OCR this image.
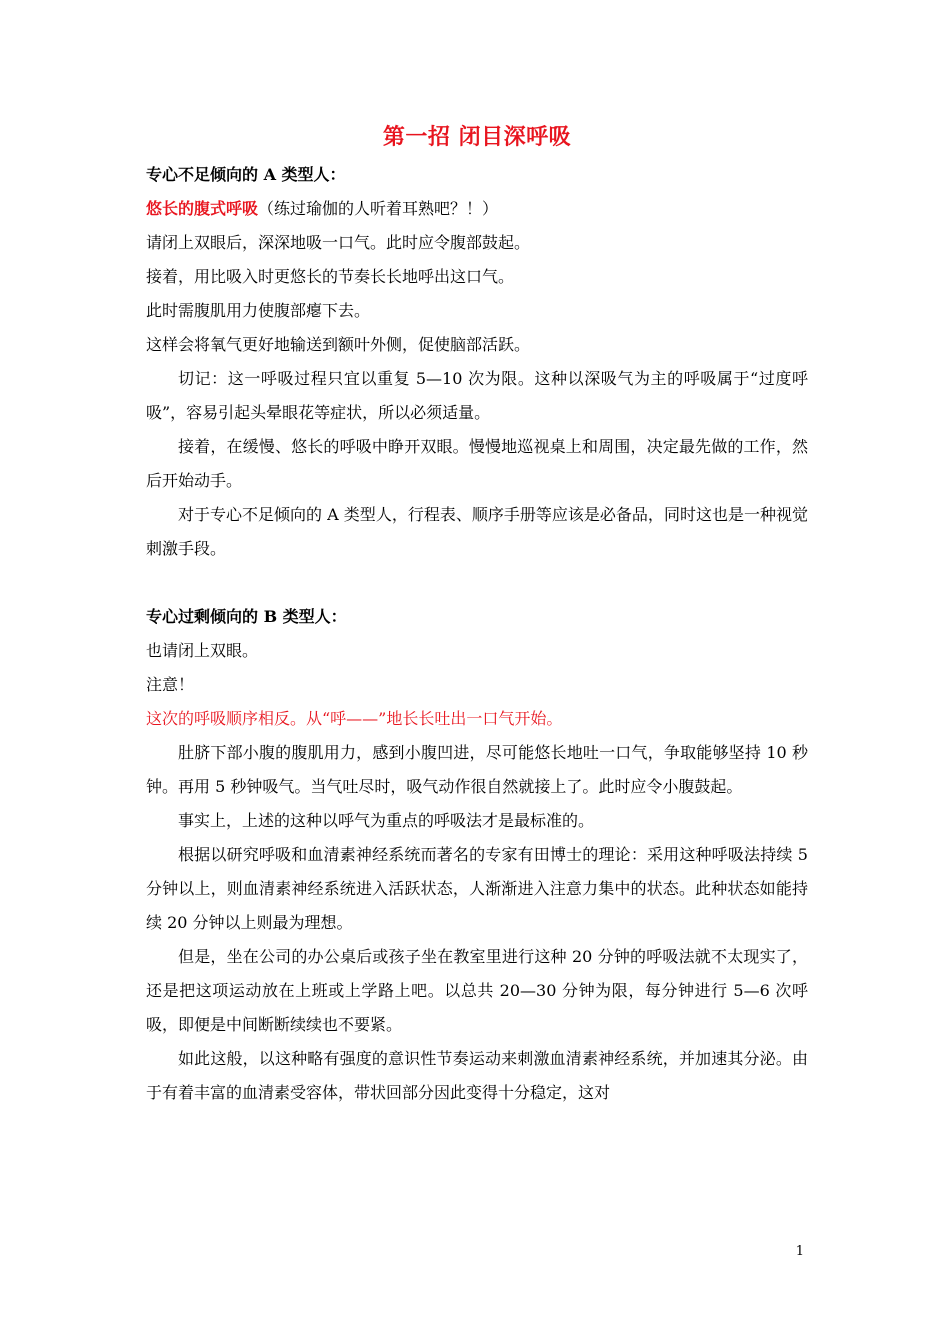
第一招 闭目深呼吸

专心不足倾向的 A 类型人：

悠长的腹式呼吸（练过瑜伽的人听着耳熟吧？！）

请闭上双眼后，深深地吸一口气。此时应令腹部鼓起。

接着，用比吸入时更悠长的节奏长长地呼出这口气。

此时需腹肌用力使腹部瘪下去。

这样会将氧气更好地输送到额叶外侧，促使脑部活跃。

切记：这一呼吸过程只宜以重复 5—10 次为限。这种以深吸气为主的呼吸属于“过度呼吸”，容易引起头晕眼花等症状，所以必须适量。

接着，在缓慢、悠长的呼吸中睁开双眼。慢慢地巡视桌上和周围，决定最先做的工作，然后开始动手。

对于专心不足倾向的 A 类型人，行程表、顺序手册等应该是必备品，同时这也是一种视觉刺激手段。

专心过剩倾向的 B 类型人：

也请闭上双眼。

注意！

这次的呼吸顺序相反。从“呼——”地长长吐出一口气开始。

肚脐下部小腹的腹肌用力，感到小腹凹进，尽可能悠长地吐一口气，争取能够坚持 10 秒钟。再用 5 秒钟吸气。当气吐尽时，吸气动作很自然就接上了。此时应令小腹鼓起。

事实上，上述的这种以呼气为重点的呼吸法才是最标准的。

根据以研究呼吸和血清素神经系统而著名的专家有田博士的理论：采用这种呼吸法持续 5 分钟以上，则血清素神经系统进入活跃状态，人渐渐进入注意力集中的状态。此种状态如能持续 20 分钟以上则最为理想。

但是，坐在公司的办公桌后或孩子坐在教室里进行这种 20 分钟的呼吸法就不太现实了，还是把这项运动放在上班或上学路上吧。以总共 20—30 分钟为限，每分钟进行 5—6 次呼吸，即便是中间断断续续也不要紧。

如此这般，以这种略有强度的意识性节奏运动来刺激血清素神经系统，并加速其分泌。由于有着丰富的血清素受容体，带状回部分因此变得十分稳定，这对

1
